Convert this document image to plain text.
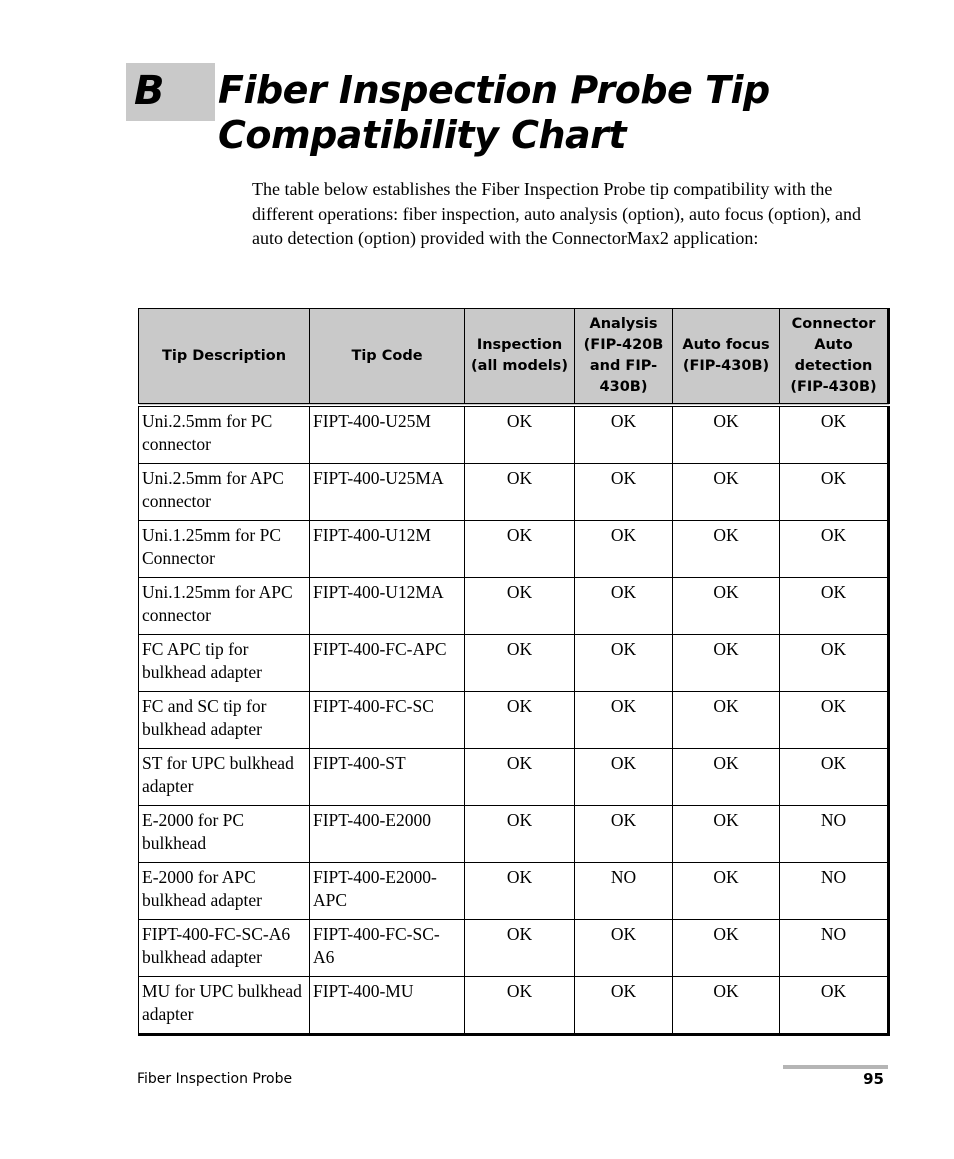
B Fiber Inspection Probe Tip
Compatibility Chart

The table below establishes the Fiber Inspection Probe tip compatibility with the different operations: fiber inspection, auto analysis (option), auto focus (option), and auto detection (option) provided with the ConnectorMax2 application:

Tip Description	Tip Code	Inspection (all models)	Analysis (FIP-420B and FIP-430B)	Auto focus (FIP-430B)	Connector Auto detection (FIP-430B)
Uni.2.5mm for PC connector	FIPT-400-U25M	OK	OK	OK	OK
Uni.2.5mm for APC connector	FIPT-400-U25MA	OK	OK	OK	OK
Uni.1.25mm for PC Connector	FIPT-400-U12M	OK	OK	OK	OK
Uni.1.25mm for APC connector	FIPT-400-U12MA	OK	OK	OK	OK
FC APC tip for bulkhead adapter	FIPT-400-FC-APC	OK	OK	OK	OK
FC and SC tip for bulkhead adapter	FIPT-400-FC-SC	OK	OK	OK	OK
ST for UPC bulkhead adapter	FIPT-400-ST	OK	OK	OK	OK
E-2000 for PC bulkhead	FIPT-400-E2000	OK	OK	OK	NO
E-2000 for APC bulkhead adapter	FIPT-400-E2000-APC	OK	NO	OK	NO
FIPT-400-FC-SC-A6 bulkhead adapter	FIPT-400-FC-SC-A6	OK	OK	OK	NO
MU for UPC bulkhead adapter	FIPT-400-MU	OK	OK	OK	OK
Fiber Inspection Probe	95
